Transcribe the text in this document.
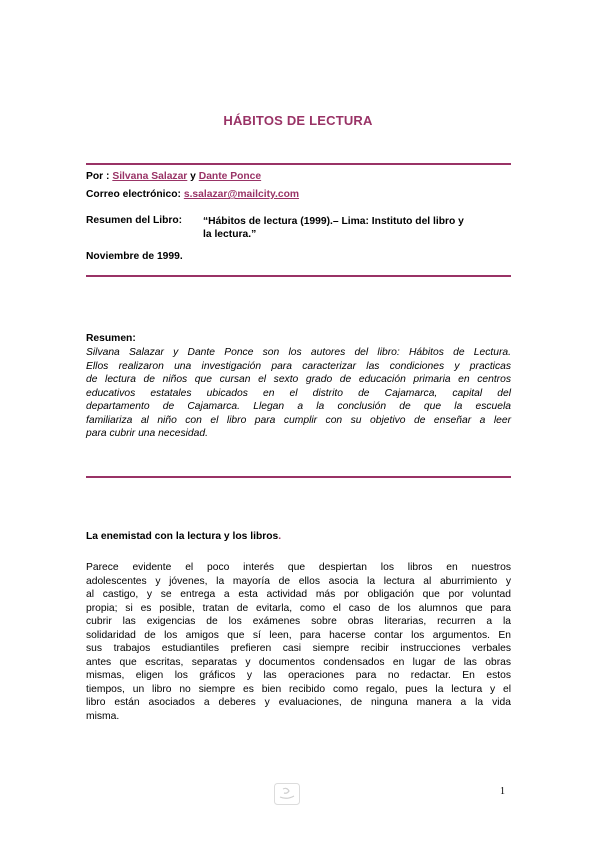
HÁBITOS DE LECTURA
Por : Silvana Salazar y Dante Ponce
Correo electrónico: s.salazar@mailcity.com
Resumen del Libro: “Hábitos de lectura (1999).– Lima: Instituto del libro y
la lectura.”
Noviembre de 1999.
Resumen:
Silvana Salazar y Dante Ponce son los autores del libro: Hábitos de Lectura.
Ellos realizaron una investigación para caracterizar las condiciones y practicas
de lectura de niños que cursan el sexto grado de educación primaria en centros
educativos estatales ubicados en el distrito de Cajamarca, capital del
departamento de Cajamarca. Llegan a la conclusión de que la escuela
familiariza al niño con el libro para cumplir con su objetivo de enseñar a leer
para cubrir una necesidad.
La enemistad con la lectura y los libros.
Parece evidente el poco interés que despiertan los libros en nuestros
adolescentes y jóvenes, la mayoría de ellos asocia la lectura al aburrimiento y
al castigo, y se entrega a esta actividad más por obligación que por voluntad
propia; si es posible, tratan de evitarla, como el caso de los alumnos que para
cubrir las exigencias de los exámenes sobre obras literarias, recurren a la
solidaridad de los amigos que sí leen, para hacerse contar los argumentos. En
sus trabajos estudiantiles prefieren casi siempre recibir instrucciones verbales
antes que escritas, separatas y documentos condensados en lugar de las obras
mismas, eligen los gráficos y las operaciones para no redactar. En estos
tiempos, un libro no siempre es bien recibido como regalo, pues la lectura y el
libro están asociados a deberes y evaluaciones, de ninguna manera a la vida
misma.
1
